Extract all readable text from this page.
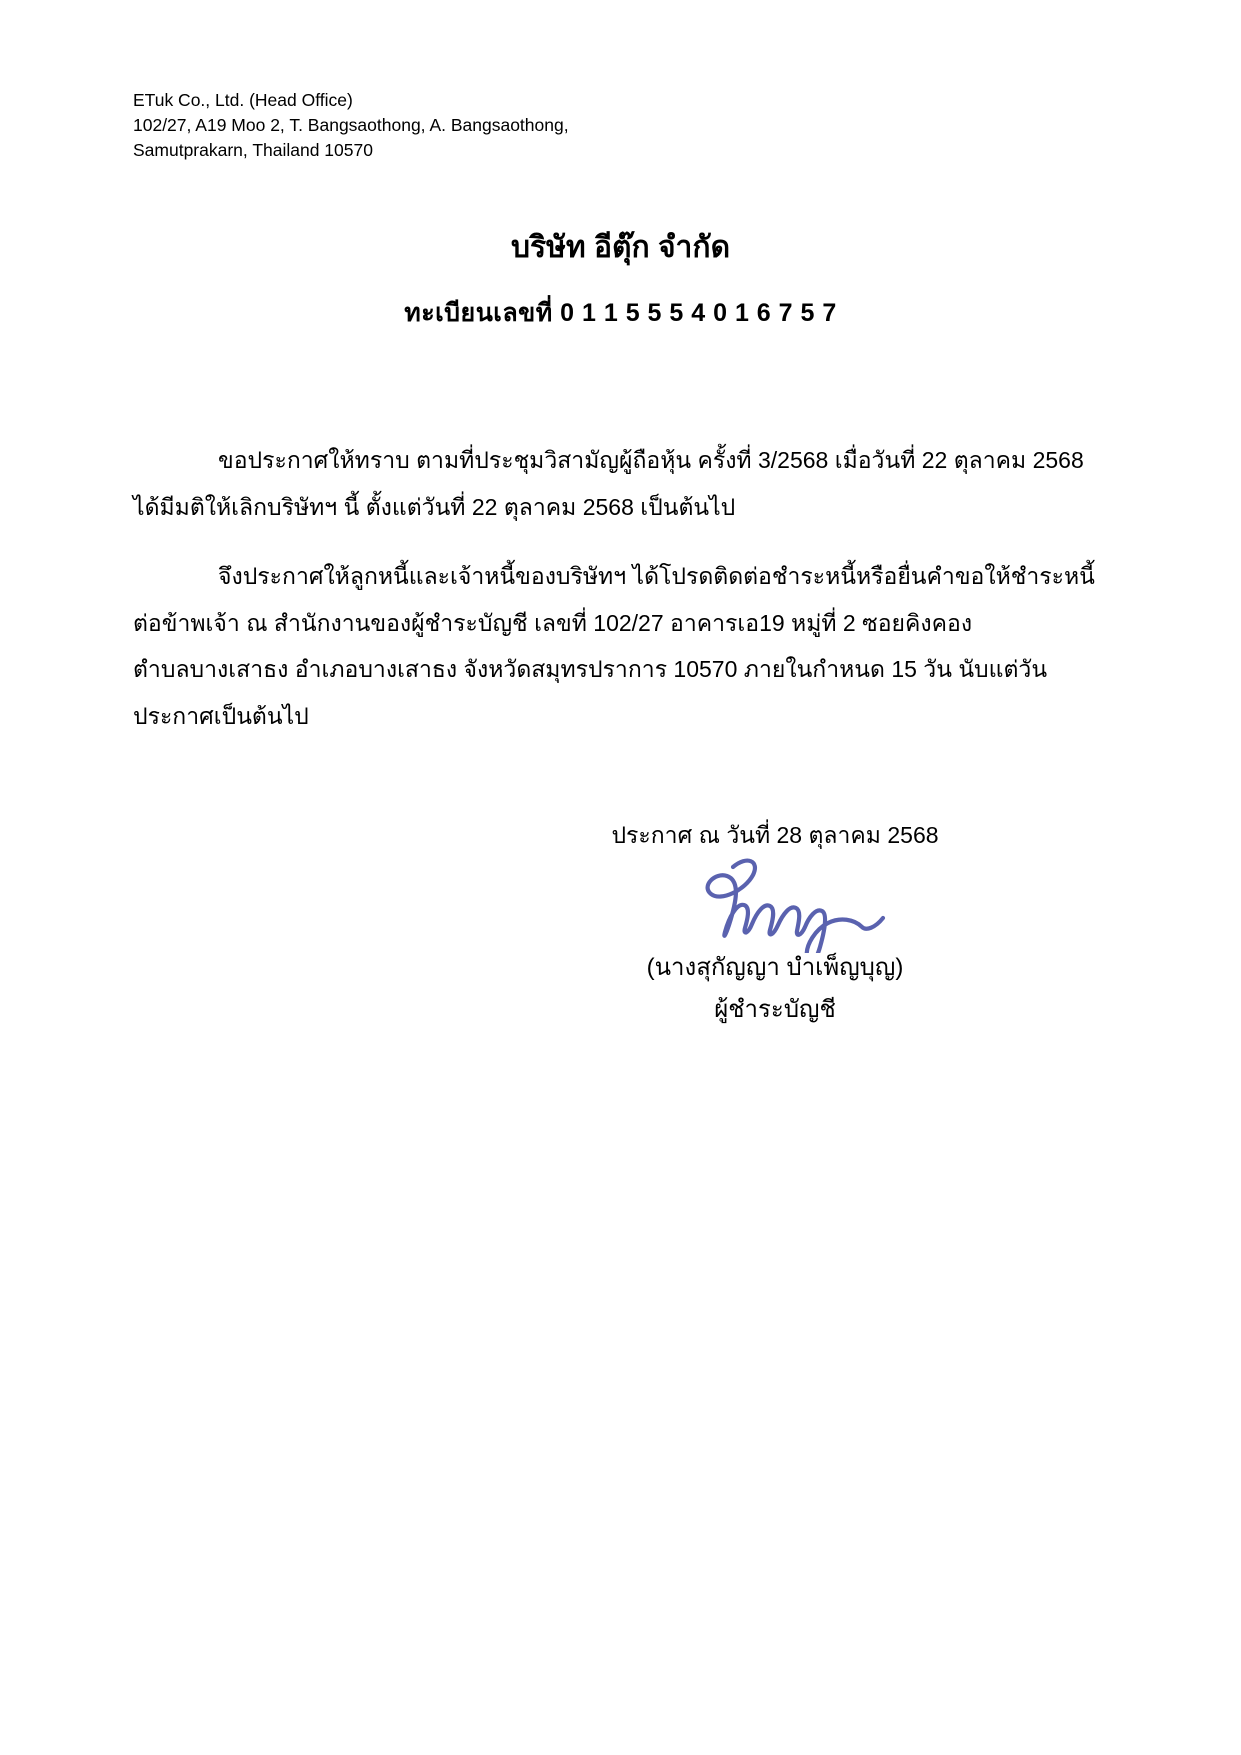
ETuk Co., Ltd. (Head Office)
102/27, A19 Moo 2, T. Bangsaothong, A. Bangsaothong,
Samutprakarn, Thailand 10570
บริษัท อีตุ๊ก จำกัด
ทะเบียนเลขที่ 0 1 1 5 5 5 4 0 1 6 7 5 7
ขอประกาศให้ทราบ ตามที่ประชุมวิสามัญผู้ถือหุ้น ครั้งที่ 3/2568 เมื่อวันที่ 22 ตุลาคม 2568
ได้มีมติให้เลิกบริษัทฯ นี้ ตั้งแต่วันที่ 22 ตุลาคม 2568 เป็นต้นไป
จึงประกาศให้ลูกหนี้และเจ้าหนี้ของบริษัทฯ ได้โปรดติดต่อชำระหนี้หรือยื่นคำขอให้ชำระหนี้
ต่อข้าพเจ้า ณ สำนักงานของผู้ชำระบัญชี เลขที่ 102/27 อาคารเอ19 หมู่ที่ 2 ซอยคิงคอง
ตำบลบางเสาธง อำเภอบางเสาธง จังหวัดสมุทรปราการ 10570 ภายในกำหนด 15 วัน นับแต่วัน
ประกาศเป็นต้นไป
ประกาศ ณ วันที่ 28 ตุลาคม 2568
(นางสุกัญญา บำเพ็ญบุญ)
ผู้ชำระบัญชี
